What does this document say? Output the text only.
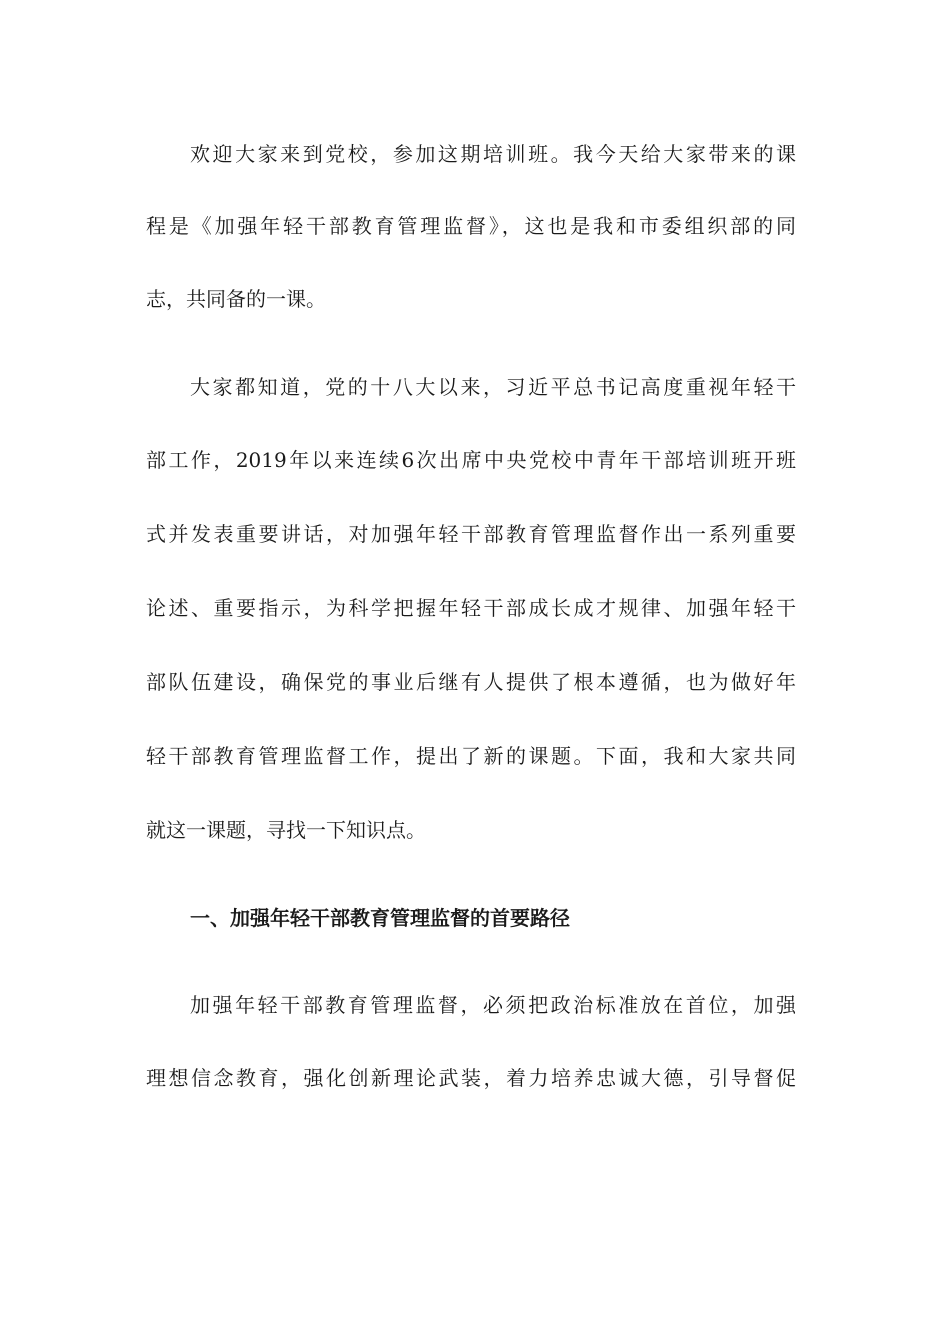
欢迎大家来到党校，参加这期培训班。我今天给大家带来的课
程是《加强年轻干部教育管理监督》，这也是我和市委组织部的同
志，共同备的一课。
大家都知道，党的十八大以来，习近平总书记高度重视年轻干
部工作，2019年以来连续6次出席中央党校中青年干部培训班开班
式并发表重要讲话，对加强年轻干部教育管理监督作出一系列重要
论述、重要指示，为科学把握年轻干部成长成才规律、加强年轻干
部队伍建设，确保党的事业后继有人提供了根本遵循，也为做好年
轻干部教育管理监督工作，提出了新的课题。下面，我和大家共同
就这一课题，寻找一下知识点。
一、加强年轻干部教育管理监督的首要路径
加强年轻干部教育管理监督，必须把政治标准放在首位，加强
理想信念教育，强化创新理论武装，着力培养忠诚大德，引导督促
